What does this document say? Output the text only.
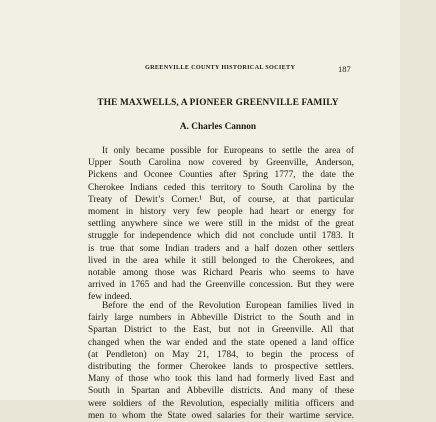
GREENVILLE COUNTY HISTORICAL SOCIETY	187
THE MAXWELLS, A PIONEER GREENVILLE FAMILY

A. Charles Cannon

It only became possible for Europeans to settle the area of
Upper South Carolina now covered by Greenville, Anderson,
Pickens and Oconee Counties after Spring 1777, the date the
Cherokee Indians ceded this territory to South Carolina by the
Treaty of Dewit’s Corner.¹ But, of course, at that particular
moment in history very few people had heart or energy for
settling anywhere since we were still in the midst of the great
struggle for independence which did not conclude until 1783. It
is true that some Indian traders and a half dozen other settlers
lived in the area while it still belonged to the Cherokees, and
notable among those was Richard Pearis who seems to have
arrived in 1765 and had the Greenville concession. But they were
few indeed.

Before the end of the Revolution European families lived in
fairly large numbers in Abbeville District to the South and in
Spartan District to the East, but not in Greenville. All that
changed when the war ended and the state opened a land office
(at Pendleton) on May 21, 1784, to begin the process of
distributing the former Cherokee lands to prospective settlers.
Many of those who took this land had formerly lived East and
South in Spartan and Abbeville districts. And many of these
were soldiers of the Revolution, especially militia officers and
men to whom the State owed salaries for their wartime service.
